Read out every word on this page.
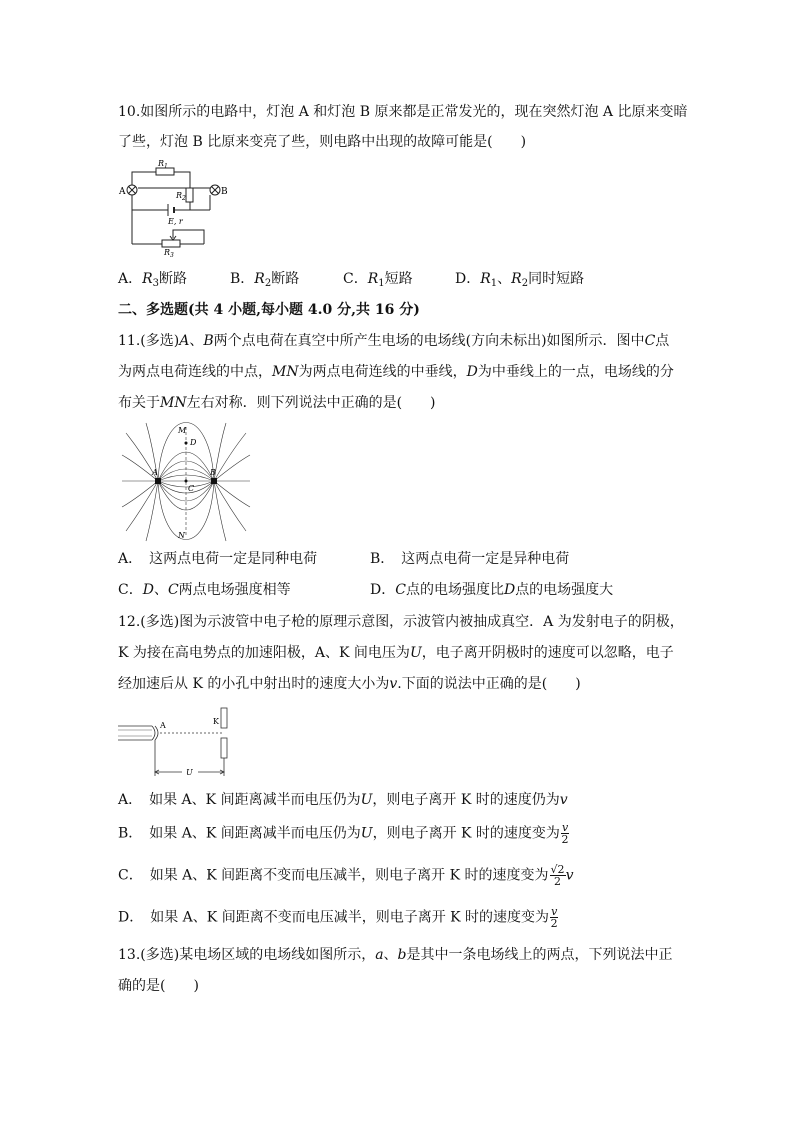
10.如图所示的电路中，灯泡 A 和灯泡 B 原来都是正常发光的，现在突然灯泡 A 比原来变暗
了些，灯泡 B 比原来变亮了些，则电路中出现的故障可能是(　　)
$R_1$
$R_2$
$R_3$
A	B
E, r
A．$R_3$断路	B．$R_2$断路	C．$R_1$短路	D．$R_1$、$R_2$同时短路
二、多选题(共 4 小题,每小题 4.0 分,共 16 分)
11.(多选)A、B两个点电荷在真空中所产生电场的电场线(方向未标出)如图所示．图中C点
为两点电荷连线的中点，MN为两点电荷连线的中垂线，D为中垂线上的一点，电场线的分
布关于MN左右对称．则下列说法中正确的是(　　)
M
D
A	B
C
N
A．　这两点电荷一定是同种电荷	B．　这两点电荷一定是异种电荷
C．D、C两点电场强度相等	D．C点的电场强度比D点的电场强度大
12.(多选)图为示波管中电子枪的原理示意图，示波管内被抽成真空．A 为发射电子的阴极，
K 为接在高电势点的加速阳极，A、K 间电压为U，电子离开阴极时的速度可以忽略，电子
经加速后从 K 的小孔中射出时的速度大小为v.下面的说法中正确的是(　　)
A	K
U
A．　如果 A、K 间距离减半而电压仍为U，则电子离开 K 时的速度仍为v
B．　如果 A、K 间距离减半而电压仍为U，则电子离开 K 时的速度变为 $\frac{v}{2}$
C．　如果 A、K 间距离不变而电压减半，则电子离开 K 时的速度变为 $\frac{√2}{2}$ v
D．　如果 A、K 间距离不变而电压减半，则电子离开 K 时的速度变为 $\frac{v}{2}$
13.(多选)某电场区域的电场线如图所示，a、b是其中一条电场线上的两点，下列说法中正
确的是(　　)
